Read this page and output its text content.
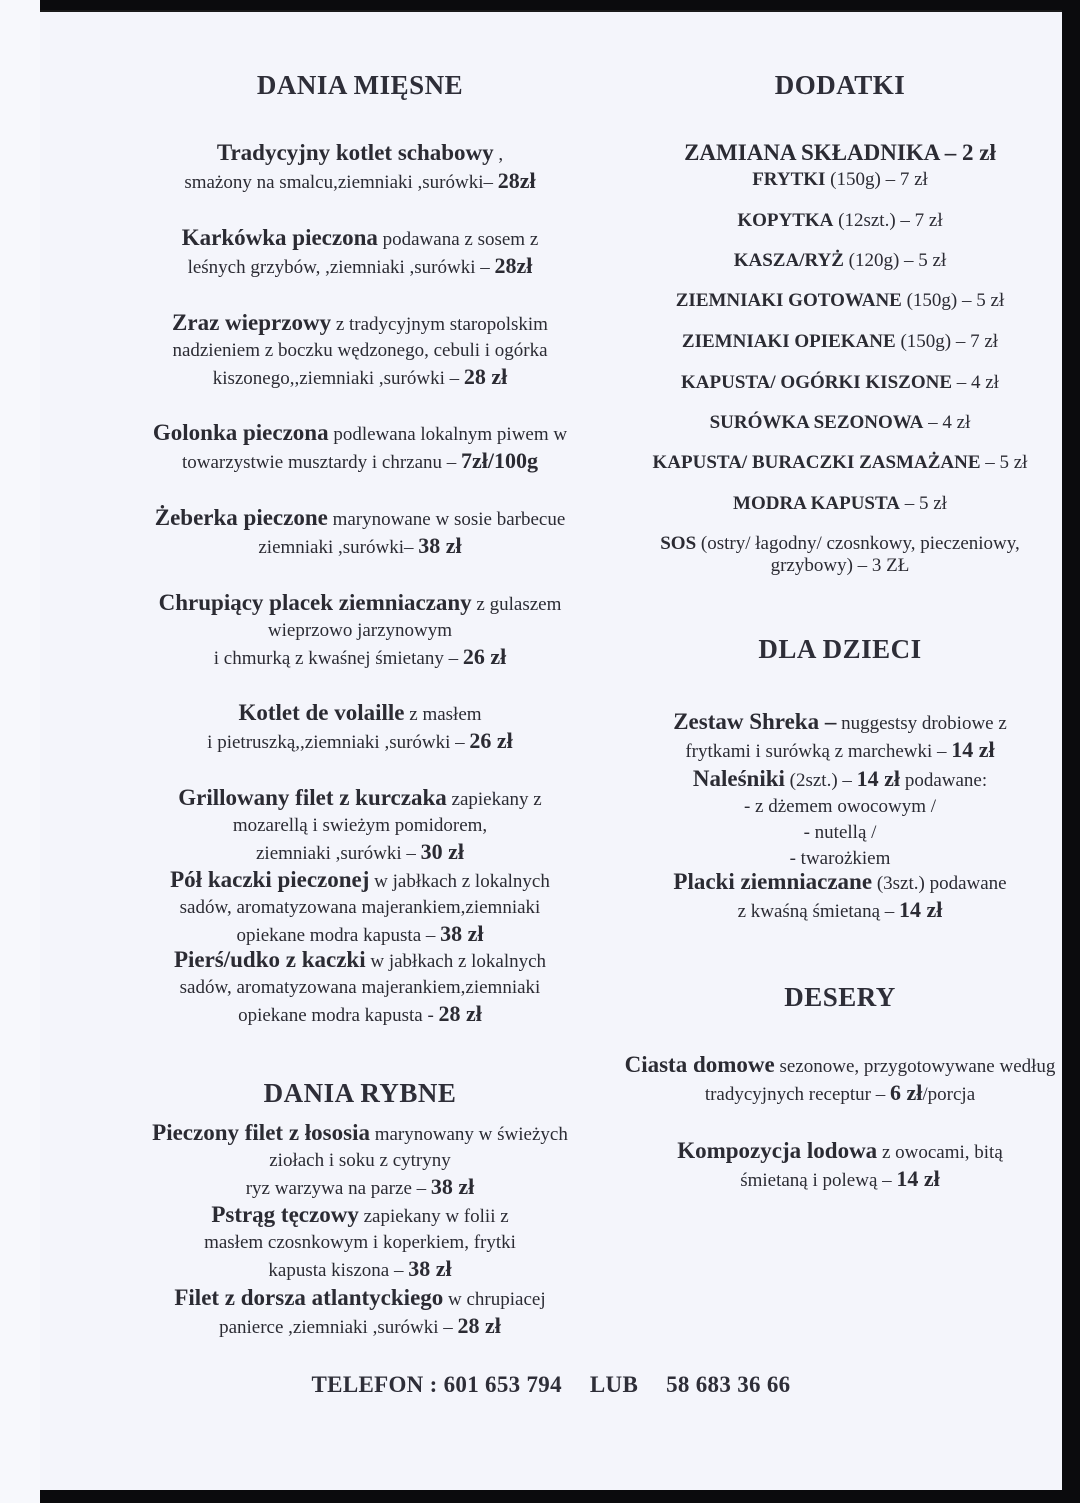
DANIA MIĘSNE
Tradycyjny kotlet schabowy ,
smażony na smalcu,ziemniaki ,surówki– 28zł
Karkówka pieczona podawana z sosem z
leśnych grzybów, ,ziemniaki ,surówki – 28zł
Zraz wieprzowy z tradycyjnym staropolskim
nadzieniem z boczku wędzonego, cebuli i ogórka
kiszonego,,ziemniaki ,surówki – 28 zł
Golonka pieczona podlewana lokalnym piwem w
towarzystwie musztardy i chrzanu – 7zł/100g
Żeberka pieczone marynowane w sosie barbecue
ziemniaki ,surówki– 38 zł
Chrupiący placek ziemniaczany z gulaszem
wieprzowo jarzynowym
i chmurką z kwaśnej śmietany – 26 zł
Kotlet de volaille z masłem
i pietruszką,,ziemniaki ,surówki – 26 zł
Grillowany filet z kurczaka zapiekany z
mozarellą i swieżym pomidorem,
ziemniaki ,surówki – 30 zł
Pół kaczki pieczonej w jabłkach z lokalnych
sadów, aromatyzowana majerankiem,ziemniaki
opiekane modra kapusta – 38 zł
Pierś/udko z kaczki w jabłkach z lokalnych
sadów, aromatyzowana majerankiem,ziemniaki
opiekane modra kapusta - 28 zł
DANIA RYBNE
Pieczony filet z łososia marynowany w świeżych
ziołach i soku z cytryny
ryz warzywa na parze – 38 zł
Pstrąg tęczowy zapiekany w folii z
masłem czosnkowym i koperkiem, frytki
kapusta kiszona – 38 zł
Filet z dorsza atlantyckiego w chrupiacej
panierce ,ziemniaki ,surówki – 28 zł
DODATKI
ZAMIANA SKŁADNIKA – 2 zł
FRYTKI (150g) – 7 zł
KOPYTKA (12szt.) – 7 zł
KASZA/RYŻ (120g) – 5 zł
ZIEMNIAKI GOTOWANE (150g) – 5 zł
ZIEMNIAKI OPIEKANE (150g) – 7 zł
KAPUSTA/ OGÓRKI KISZONE – 4 zł
SURÓWKA SEZONOWA – 4 zł
KAPUSTA/ BURACZKI ZASMAŻANE – 5 zł
MODRA KAPUSTA – 5 zł
SOS (ostry/ łagodny/ czosnkowy, pieczeniowy,
grzybowy) – 3 ZŁ
DLA DZIECI
Zestaw Shreka – nuggestsy drobiowe z
frytkami i surówką z marchewki – 14 zł
Naleśniki (2szt.) – 14 zł podawane:
- z dżemem owocowym /
- nutellą /
- twarożkiem
Placki ziemniaczane (3szt.) podawane
z kwaśną śmietaną – 14 zł
DESERY
Ciasta domowe sezonowe, przygotowywane według
tradycyjnych receptur – 6 zł/porcja
Kompozycja lodowa z owocami, bitą
śmietaną i polewą – 14 zł
TELEFON : 601 653 794 LUB 58 683 36 66
